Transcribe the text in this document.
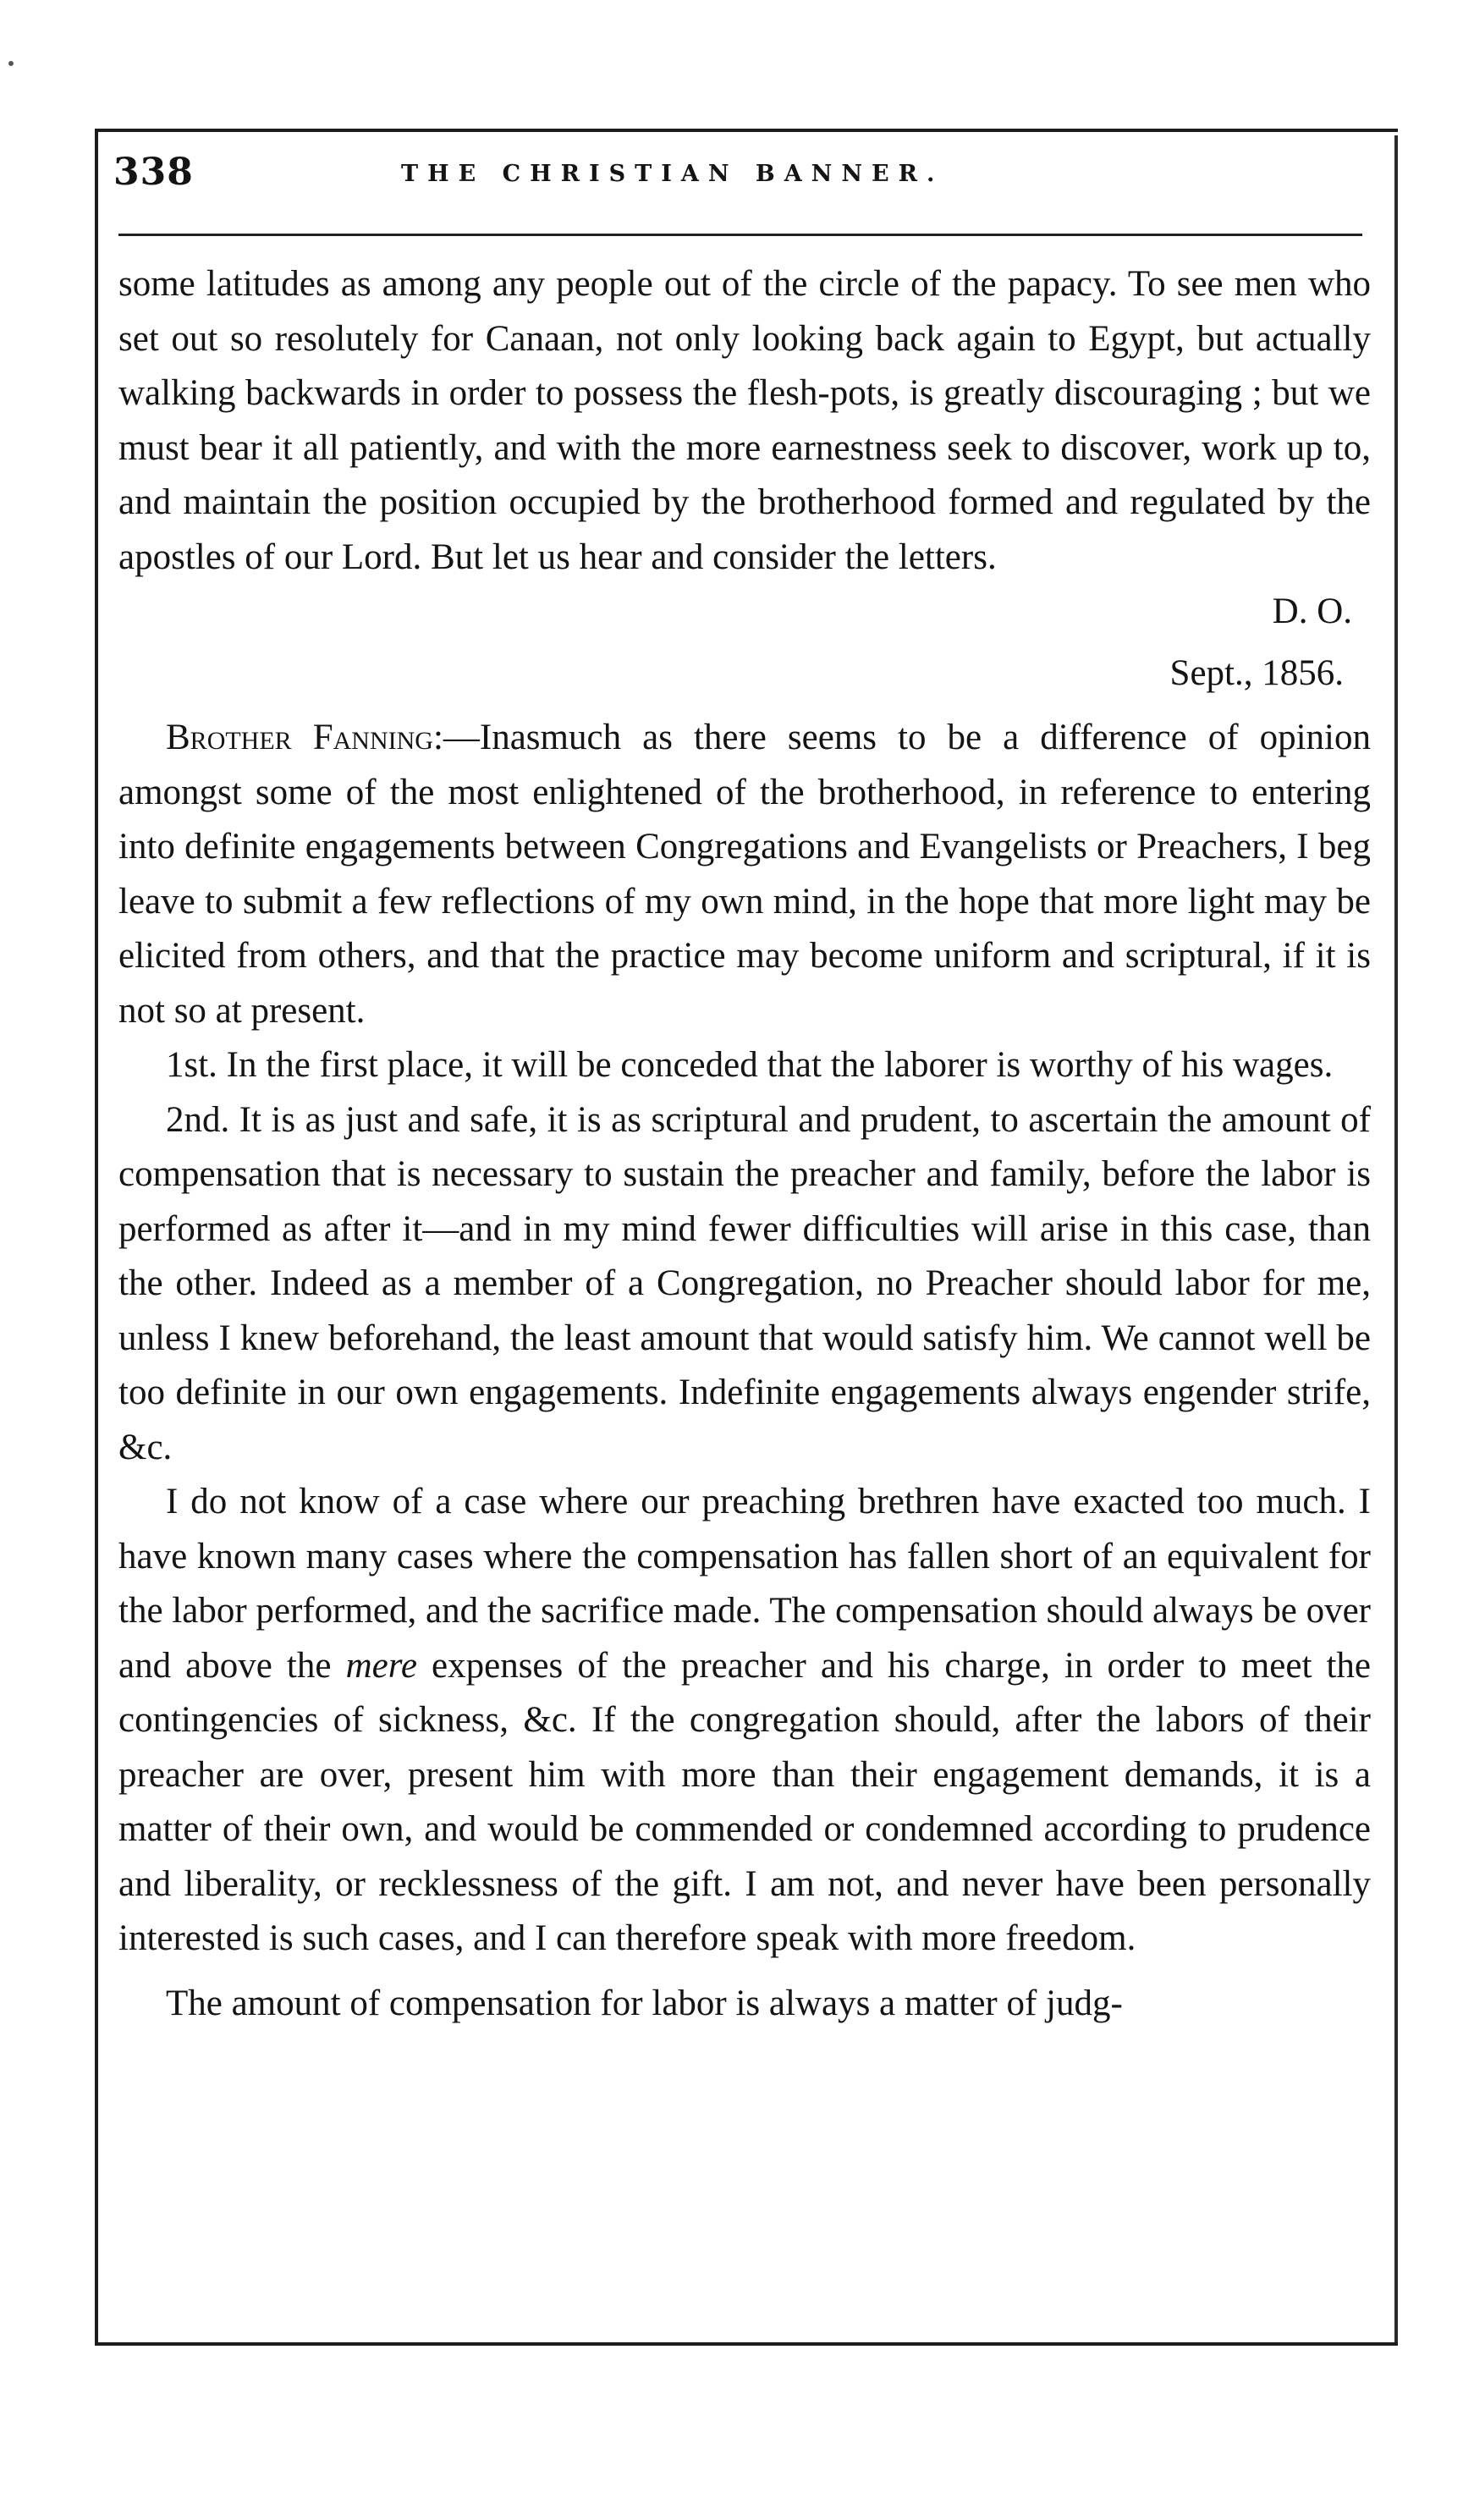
338	THE CHRISTIAN BANNER.

some latitudes as among any people out of the circle of the papacy. To see men who set out so resolutely for Canaan, not only looking back again to Egypt, but actually walking backwards in order to possess the flesh-pots, is greatly discouraging ; but we must bear it all patiently, and with the more earnestness seek to discover, work up to, and maintain the position occupied by the brotherhood formed and regulated by the apostles of our Lord. But let us hear and consider the letters.

D. O.

Sept., 1856.

Brother Fanning:—Inasmuch as there seems to be a difference of opinion amongst some of the most enlightened of the brotherhood, in reference to entering into definite engagements between Congregations and Evangelists or Preachers, I beg leave to submit a few reflections of my own mind, in the hope that more light may be elicited from others, and that the practice may become uniform and scriptural, if it is not so at present.

1st. In the first place, it will be conceded that the laborer is worthy of his wages.

2nd. It is as just and safe, it is as scriptural and prudent, to ascertain the amount of compensation that is necessary to sustain the preacher and family, before the labor is performed as after it—and in my mind fewer difficulties will arise in this case, than the other. Indeed as a member of a Congregation, no Preacher should labor for me, unless I knew beforehand, the least amount that would satisfy him. We cannot well be too definite in our own engagements. Indefinite engagements always engender strife, &c.

I do not know of a case where our preaching brethren have exacted too much. I have known many cases where the compensation has fallen short of an equivalent for the labor performed, and the sacrifice made. The compensation should always be over and above the mere expenses of the preacher and his charge, in order to meet the contingencies of sickness, &c. If the congregation should, after the labors of their preacher are over, present him with more than their engagement demands, it is a matter of their own, and would be commended or condemned according to prudence and liberality, or recklessness of the gift. I am not, and never have been personally interested is such cases, and I can therefore speak with more freedom.

The amount of compensation for labor is always a matter of judg-
